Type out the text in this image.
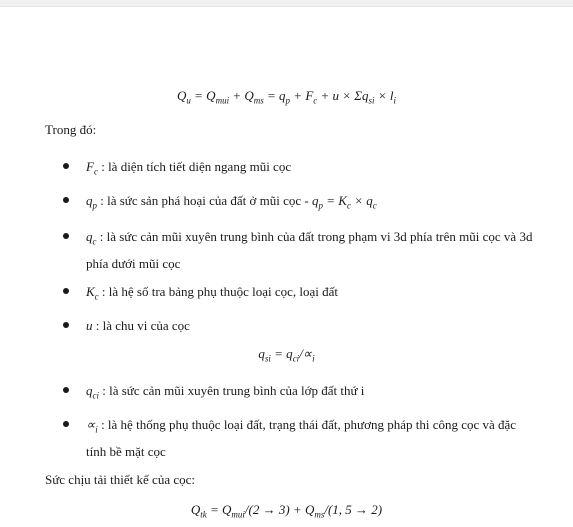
$Q_u = Q_{mui} + Q_{ms} = q_p + F_c + u \times \Sigma q_{si} \times l_i$
Trong đó:
$F_c$ : là diện tích tiết diện ngang mũi cọc
$q_p$ : là sức sản phá hoại của đất ở mũi cọc - $q_p = K_c \times q_c$
$q_c$ : là sức cản mũi xuyên trung bình của đất trong phạm vi 3d phía trên mũi cọc và 3d phía dưới mũi cọc
$K_c$ : là hệ số tra bảng phụ thuộc loại cọc, loại đất
u : là chu vi của cọc
$q_{si} = q_{ci}/\propto_i$
$q_{ci}$ : là sức cản mũi xuyên trung bình của lớp đất thứ i
$\propto_i$ : là hệ thống phụ thuộc loại đất, trạng thái đất, phương pháp thi công cọc và đặc tính bề mặt cọc
Sức chịu tải thiết kế của cọc:
$Q_{tk} = Q_{mui}/(2 \to 3) + Q_{ms}/(1$, 5 → 2)
